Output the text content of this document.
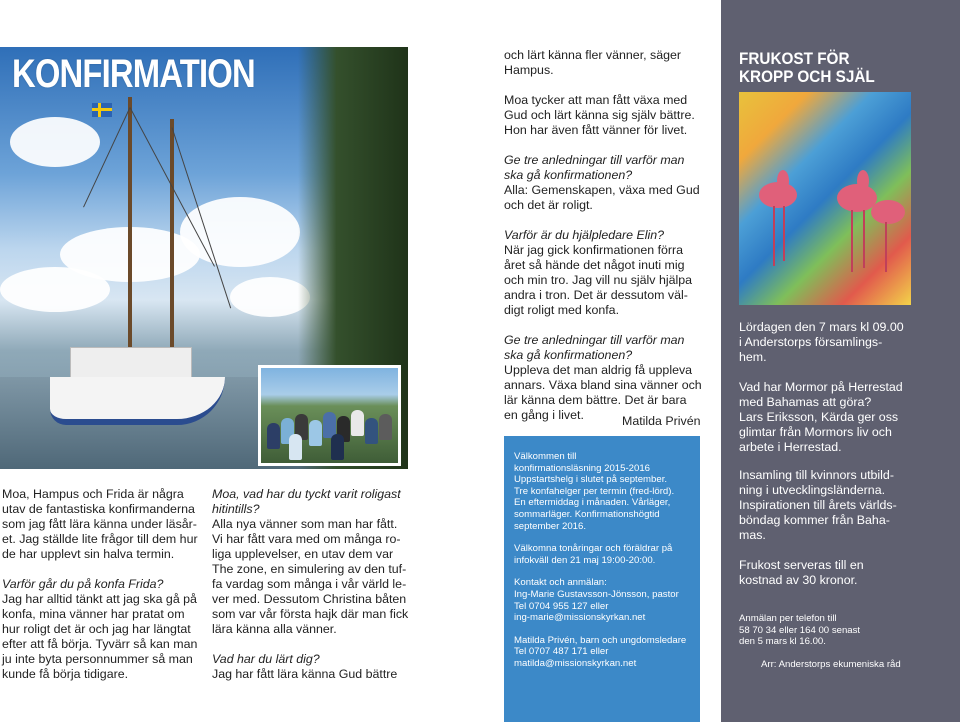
KONFIRMATION

Moa, Hampus och Frida är några

utav de fantastiska konfirmanderna

som jag fått lära känna under läsår-

et. Jag ställde lite frågor till dem hur

de har upplevt sin halva termin.

Varför går du på konfa Frida?

Jag har alltid tänkt att jag ska gå på

konfa, mina vänner har pratat om

hur roligt det är och jag har längtat

efter att få börja. Tyvärr så kan man

ju inte byta personnummer så man

kunde få börja tidigare.

Moa, vad har du tyckt varit roligast

hitintills?

Alla nya vänner som man har fått.

Vi har fått vara med om många ro-

liga upplevelser, en utav dem var

The zone, en simulering av den tuf-

fa vardag som många i vår värld le-

ver med. Dessutom Christina båten

som var vår första hajk där man fick

lära känna alla vänner.

Vad har du lärt dig?

Jag har fått lära känna Gud bättre

och lärt känna fler vänner, säger

Hampus.

Moa tycker att man fått växa med

Gud och lärt känna sig själv bättre.

Hon har även fått vänner för livet.

Ge tre anledningar till varför man

ska gå konfirmationen?

Alla: Gemenskapen, växa med Gud

och det är roligt.

Varför är du hjälpledare Elin?

När jag gick konfirmationen förra

året så hände det något inuti mig

och min tro. Jag vill nu själv hjälpa

andra i tron. Det är dessutom väl-

digt roligt med konfa.

Ge tre anledningar till varför man

ska gå konfirmationen?

Uppleva det man aldrig få uppleva

annars. Växa bland sina vänner och

lär känna dem bättre. Det är bara

en gång i livet.	Matilda Privén

Välkommen till

konfirmationsläsning 2015-2016

Uppstartshelg i slutet på september.

Tre konfahelger per termin (fred-lörd).

En eftermiddag i månaden. Vårläger,

sommarläger. Konfirmationshögtid

september 2016.

Välkomna tonåringar och föräldrar på

infokväll den 21 maj 19:00-20:00.

Kontakt och anmälan:

Ing-Marie Gustavsson-Jönsson, pastor

Tel 0704 955 127 eller

ing-marie@missionskyrkan.net

Matilda Privén, barn och ungdomsledare

Tel 0707 487 171 eller

matilda@missionskyrkan.net

FRUKOST FÖR
KROPP OCH SJÄL

Lördagen den 7 mars kl 09.00

i Anderstorps församlings-

hem.

Vad har Mormor på Herrestad

med Bahamas att göra?

Lars Eriksson, Kärda ger oss

glimtar från Mormors liv och

arbete i Herrestad.

Insamling till kvinnors utbild-

ning i utvecklingsländerna.

Inspirationen till årets världs-

böndag kommer från Baha-

mas.

Frukost serveras till en

kostnad av 30 kronor.

Anmälan per telefon till

58 70 34 eller 164 00 senast

den 5 mars kl 16.00.

Arr: Anderstorps ekumeniska råd
